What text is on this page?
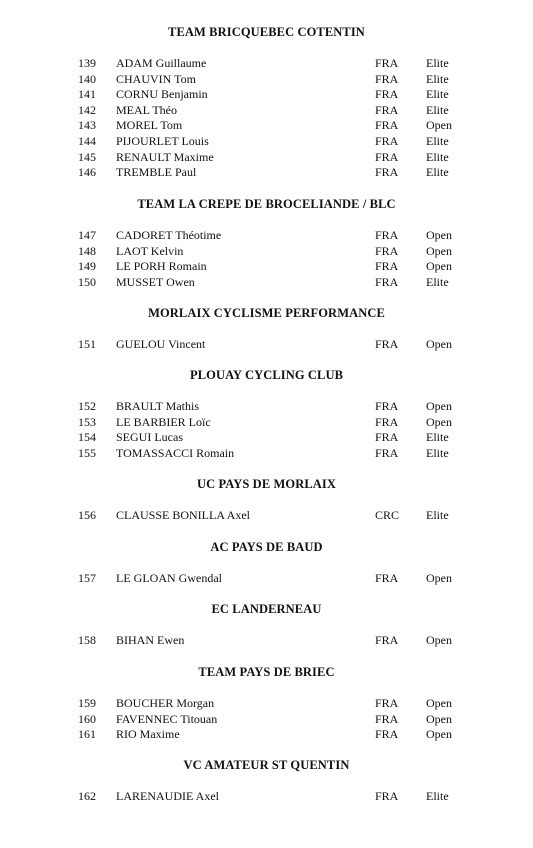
TEAM BRICQUEBEC COTENTIN
139 ADAM Guillaume	FRA Elite
140 CHAUVIN Tom	FRA Elite
141 CORNU Benjamin	FRA Elite
142 MEAL Théo	FRA Elite
143 MOREL Tom	FRA Open
144 PIJOURLET Louis	FRA Elite
145 RENAULT Maxime	FRA Elite
146 TREMBLE Paul	FRA Elite
TEAM LA CREPE DE BROCELIANDE / BLC
147 CADORET Théotime	FRA Open
148 LAOT Kelvin	FRA Open
149 LE PORH Romain	FRA Open
150 MUSSET Owen	FRA Elite
MORLAIX CYCLISME PERFORMANCE
151 GUELOU Vincent	FRA Open
PLOUAY CYCLING CLUB
152 BRAULT Mathis	FRA Open
153 LE BARBIER Loïc	FRA Open
154 SEGUI Lucas	FRA Elite
155 TOMASSACCI Romain	FRA Elite
UC PAYS DE MORLAIX
156 CLAUSSE BONILLA Axel	CRC Elite
AC PAYS DE BAUD
157 LE GLOAN Gwendal	FRA Open
EC LANDERNEAU
158 BIHAN Ewen	FRA Open
TEAM PAYS DE BRIEC
159 BOUCHER Morgan	FRA Open
160 FAVENNEC Titouan	FRA Open
161 RIO Maxime	FRA Open
VC AMATEUR ST QUENTIN
162 LARENAUDIE Axel	FRA Elite
